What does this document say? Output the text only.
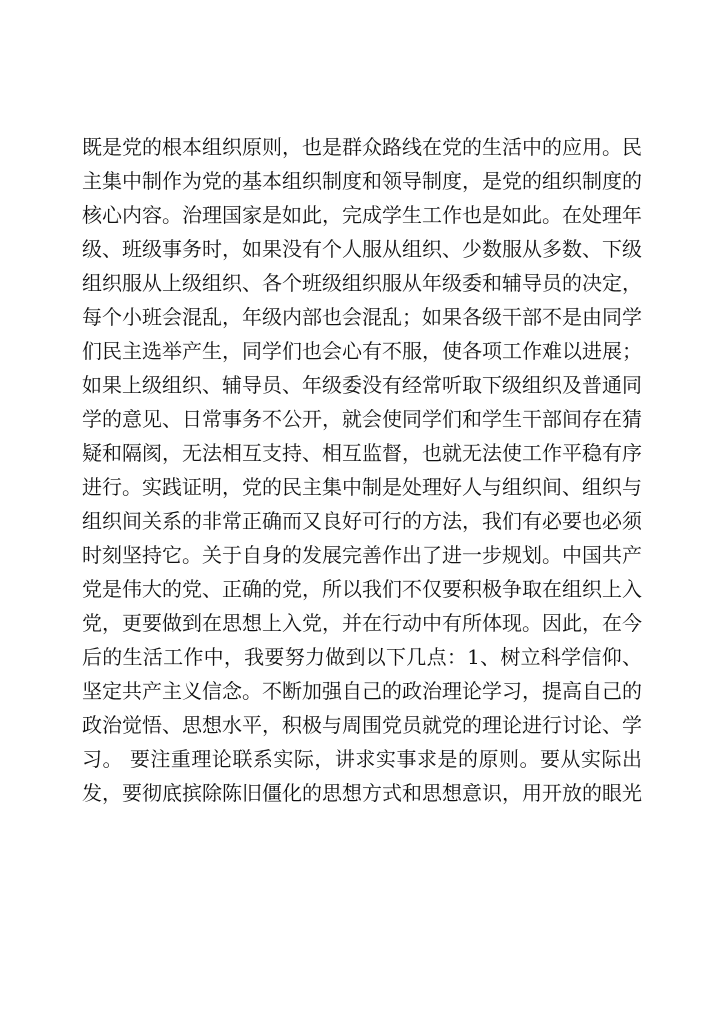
既是党的根本组织原则，也是群众路线在党的生活中的应用。民
主集中制作为党的基本组织制度和领导制度，是党的组织制度的
核心内容。治理国家是如此，完成学生工作也是如此。在处理年
级、班级事务时，如果没有个人服从组织、少数服从多数、下级
组织服从上级组织、各个班级组织服从年级委和辅导员的决定，
每个小班会混乱，年级内部也会混乱；如果各级干部不是由同学
们民主选举产生，同学们也会心有不服，使各项工作难以进展；
如果上级组织、辅导员、年级委没有经常听取下级组织及普通同
学的意见、日常事务不公开，就会使同学们和学生干部间存在猜
疑和隔阂，无法相互支持、相互监督，也就无法使工作平稳有序
进行。实践证明，党的民主集中制是处理好人与组织间、组织与
组织间关系的非常正确而又良好可行的方法，我们有必要也必须
时刻坚持它。关于自身的发展完善作出了进一步规划。中国共产
党是伟大的党、正确的党，所以我们不仅要积极争取在组织上入
党，更要做到在思想上入党，并在行动中有所体现。因此，在今
后的生活工作中，我要努力做到以下几点：1、树立科学信仰、
坚定共产主义信念。不断加强自己的政治理论学习，提高自己的
政治觉悟、思想水平，积极与周围党员就党的理论进行讨论、学
习。 要注重理论联系实际，讲求实事求是的原则。要从实际出
发，要彻底摈除陈旧僵化的思想方式和思想意识，用开放的眼光
